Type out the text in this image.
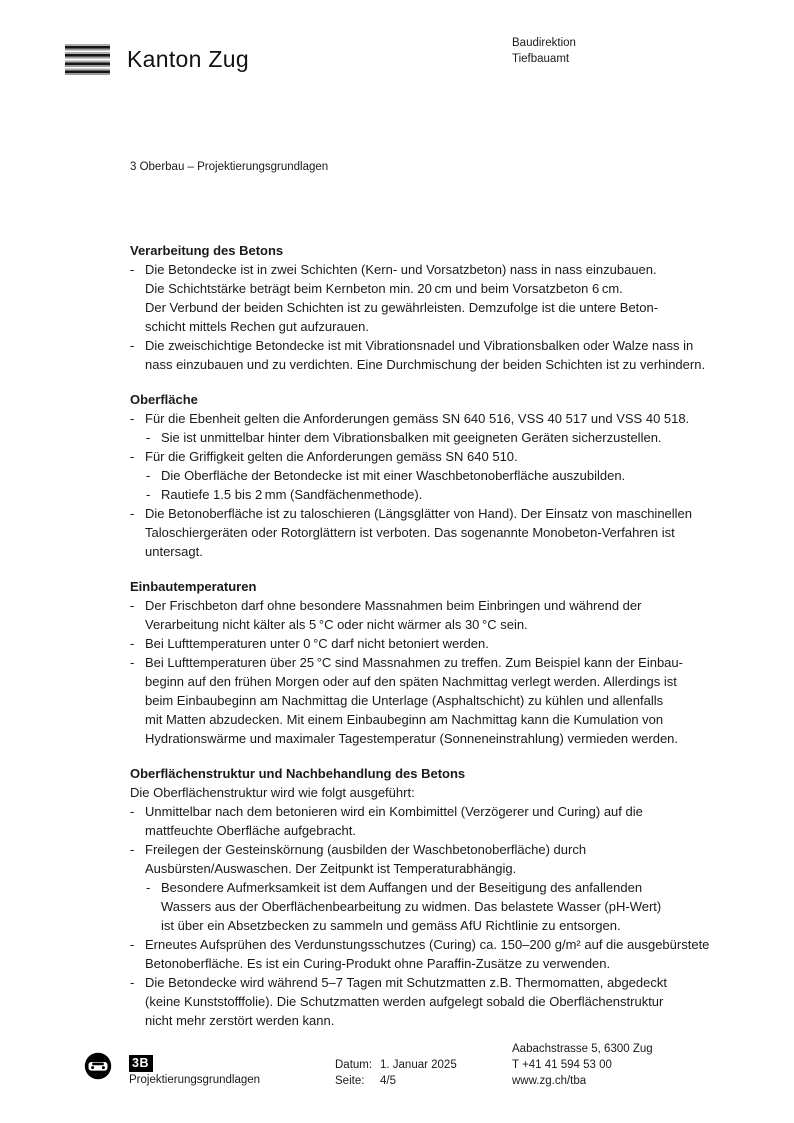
Kanton Zug
Baudirektion
Tiefbauamt
3 Oberbau – Projektierungsgrundlagen
Verarbeitung des Betons
- Die Betondecke ist in zwei Schichten (Kern- und Vorsatzbeton) nass in nass einzubauen.
Die Schichtstärke beträgt beim Kernbeton min. 20 cm und beim Vorsatzbeton 6 cm.
Der Verbund der beiden Schichten ist zu gewährleisten. Demzufolge ist die untere Beton-
schicht mittels Rechen gut aufzurauen.
- Die zweischichtige Betondecke ist mit Vibrationsnadel und Vibrationsbalken oder Walze nass in
nass einzubauen und zu verdichten. Eine Durchmischung der beiden Schichten ist zu verhindern.
Oberfläche
- Für die Ebenheit gelten die Anforderungen gemäss SN 640 516, VSS 40 517 und VSS 40 518.
- Sie ist unmittelbar hinter dem Vibrationsbalken mit geeigneten Geräten sicherzustellen.
- Für die Griffigkeit gelten die Anforderungen gemäss SN 640 510.
- Die Oberfläche der Betondecke ist mit einer Waschbetonoberfläche auszubilden.
- Rautiefe 1.5 bis 2 mm (Sandfächenmethode).
- Die Betonoberfläche ist zu taloschieren (Längsglätter von Hand). Der Einsatz von maschinellen
Taloschiergeräten oder Rotorglättern ist verboten. Das sogenannte Monobeton-Verfahren ist
untersagt.
Einbautemperaturen
- Der Frischbeton darf ohne besondere Massnahmen beim Einbringen und während der
Verarbeitung nicht kälter als 5 °C oder nicht wärmer als 30 °C sein.
- Bei Lufttemperaturen unter 0 °C darf nicht betoniert werden.
- Bei Lufttemperaturen über 25 °C sind Massnahmen zu treffen. Zum Beispiel kann der Einbau-
beginn auf den frühen Morgen oder auf den späten Nachmittag verlegt werden. Allerdings ist
beim Einbaubeginn am Nachmittag die Unterlage (Asphaltschicht) zu kühlen und allenfalls
mit Matten abzudecken. Mit einem Einbaubeginn am Nachmittag kann die Kumulation von
Hydrationswärme und maximaler Tagestemperatur (Sonneneinstrahlung) vermieden werden.
Oberflächenstruktur und Nachbehandlung des Betons
Die Oberflächenstruktur wird wie folgt ausgeführt:
- Unmittelbar nach dem betonieren wird ein Kombimittel (Verzögerer und Curing) auf die
mattfeuchte Oberfläche aufgebracht.
- Freilegen der Gesteinskörnung (ausbilden der Waschbetonoberfläche) durch
Ausbürsten/Auswaschen. Der Zeitpunkt ist Temperaturabhängig.
- Besondere Aufmerksamkeit ist dem Auffangen und der Beseitigung des anfallenden
Wassers aus der Oberflächenbearbeitung zu widmen. Das belastete Wasser (pH-Wert)
ist über ein Absetzbecken zu sammeln und gemäss AfU Richtlinie zu entsorgen.
- Erneutes Aufsprühen des Verdunstungsschutzes (Curing) ca. 150–200 g/m² auf die ausgebürstete
Betonoberfläche. Es ist ein Curing-Produkt ohne Paraffin-Zusätze zu verwenden.
- Die Betondecke wird während 5–7 Tagen mit Schutzmatten z.B. Thermomatten, abgedeckt
(keine Kunststofffolie). Die Schutzmatten werden aufgelegt sobald die Oberflächenstruktur
nicht mehr zerstört werden kann.
3B
Projektierungsgrundlagen
Datum: 1. Januar 2025
Seite:	4/5
Aabachstrasse 5, 6300 Zug
T +41 41 594 53 00
www.zg.ch/tba
